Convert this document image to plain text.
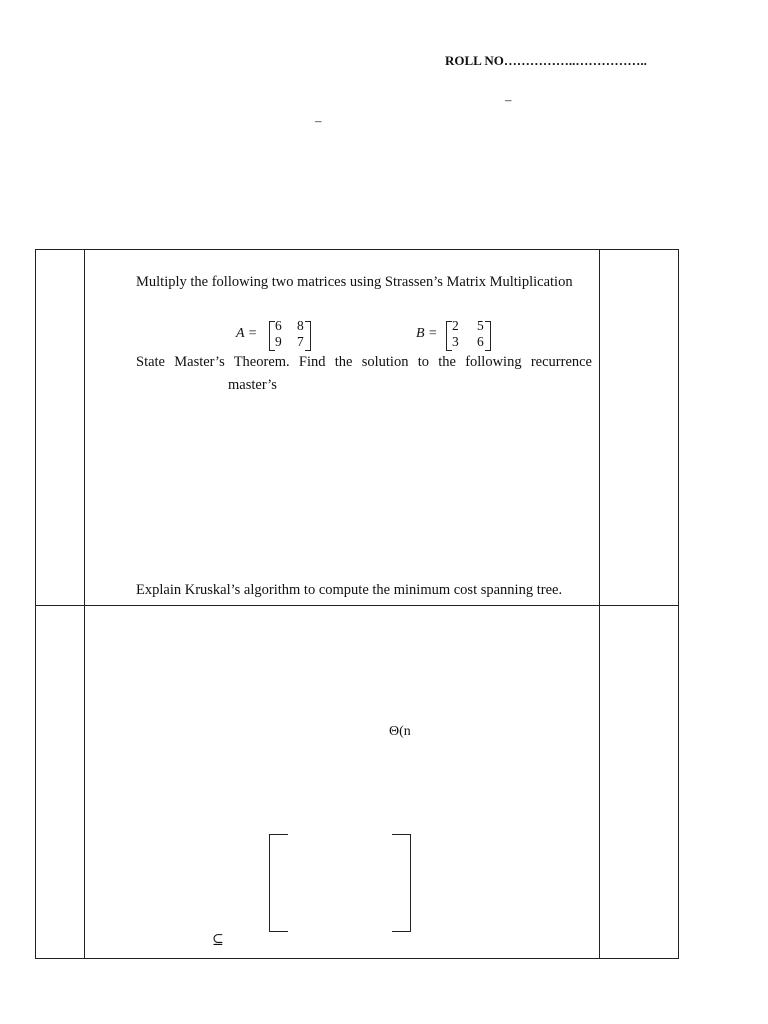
ROLL NO……………..……………..
–
–
Multiply the following two matrices using Strassen’s Matrix Multiplication
A =
6 8
9 7
B =
2 5
3 6
State Master’s Theorem. Find the solution to the following recurrence
master’s
Explain Kruskal’s algorithm to compute the minimum cost spanning tree.
Θ(n
⊆
